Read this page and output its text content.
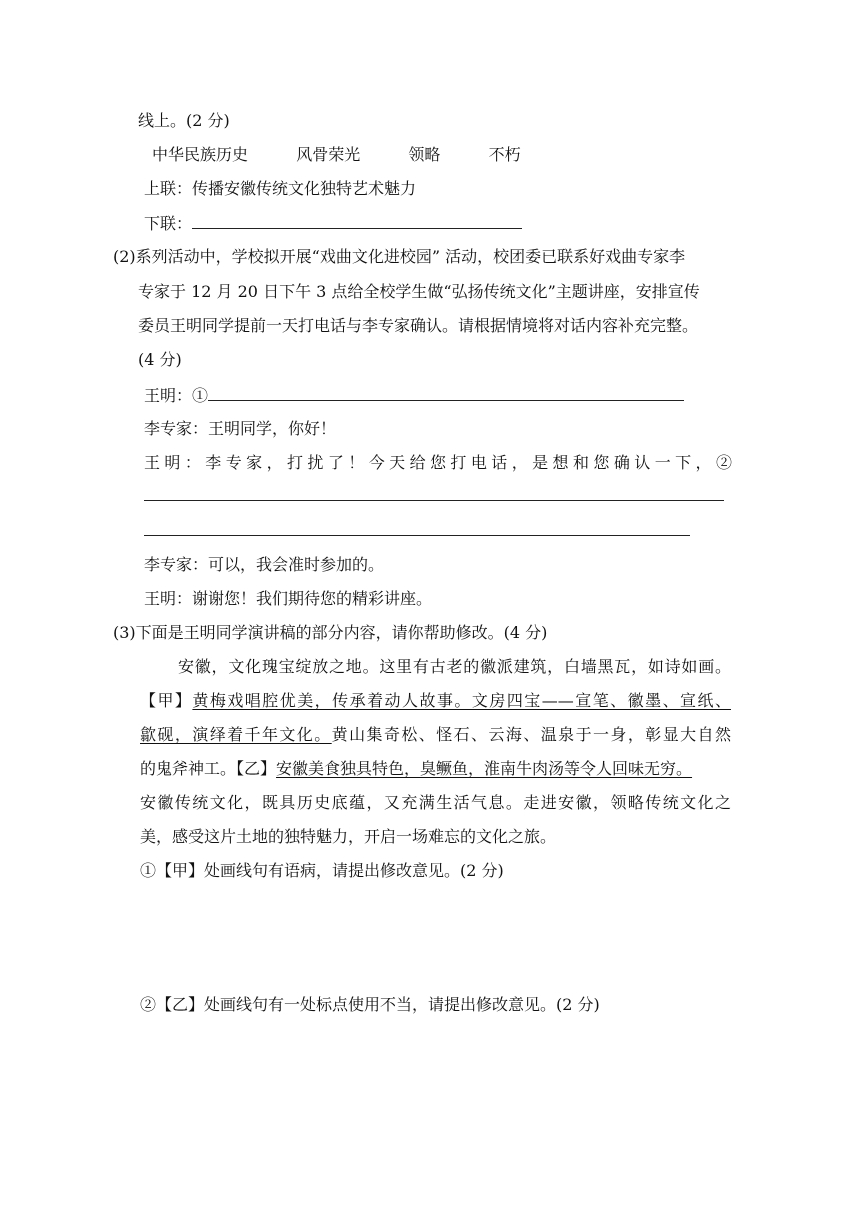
线上。(2 分)
中华民族历史	风骨荣光	领略	不朽
上联：传播安徽传统文化独特艺术魅力
下联：
(2)系列活动中，学校拟开展“戏曲文化进校园” 活动，校团委已联系好戏曲专家李
专家于 12 月 20 日下午 3 点给全校学生做“弘扬传统文化”主题讲座，安排宣传
委员王明同学提前一天打电话与李专家确认。请根据情境将对话内容补充完整。
(4 分)
王明：①
李专家：王明同学，你好！
王明：李专家，打扰了！今天给您打电话，是想和您确认一下，②
李专家：可以，我会准时参加的。
王明：谢谢您！我们期待您的精彩讲座。
(3)下面是王明同学演讲稿的部分内容，请你帮助修改。(4 分)
安徽，文化瑰宝绽放之地。这里有古老的徽派建筑，白墙黑瓦，如诗如画。
【甲】黄梅戏唱腔优美，传承着动人故事。文房四宝——宣笔、徽墨、宣纸、
歙砚，演绎着千年文化。黄山集奇松、怪石、云海、温泉于一身，彰显大自然
的鬼斧神工。【乙】安徽美食独具特色，臭鳜鱼，淮南牛肉汤等令人回味无穷。
安徽传统文化，既具历史底蕴，又充满生活气息。走进安徽，领略传统文化之
美，感受这片土地的独特魅力，开启一场难忘的文化之旅。
①【甲】处画线句有语病，请提出修改意见。(2 分)
②【乙】处画线句有一处标点使用不当，请提出修改意见。(2 分)
